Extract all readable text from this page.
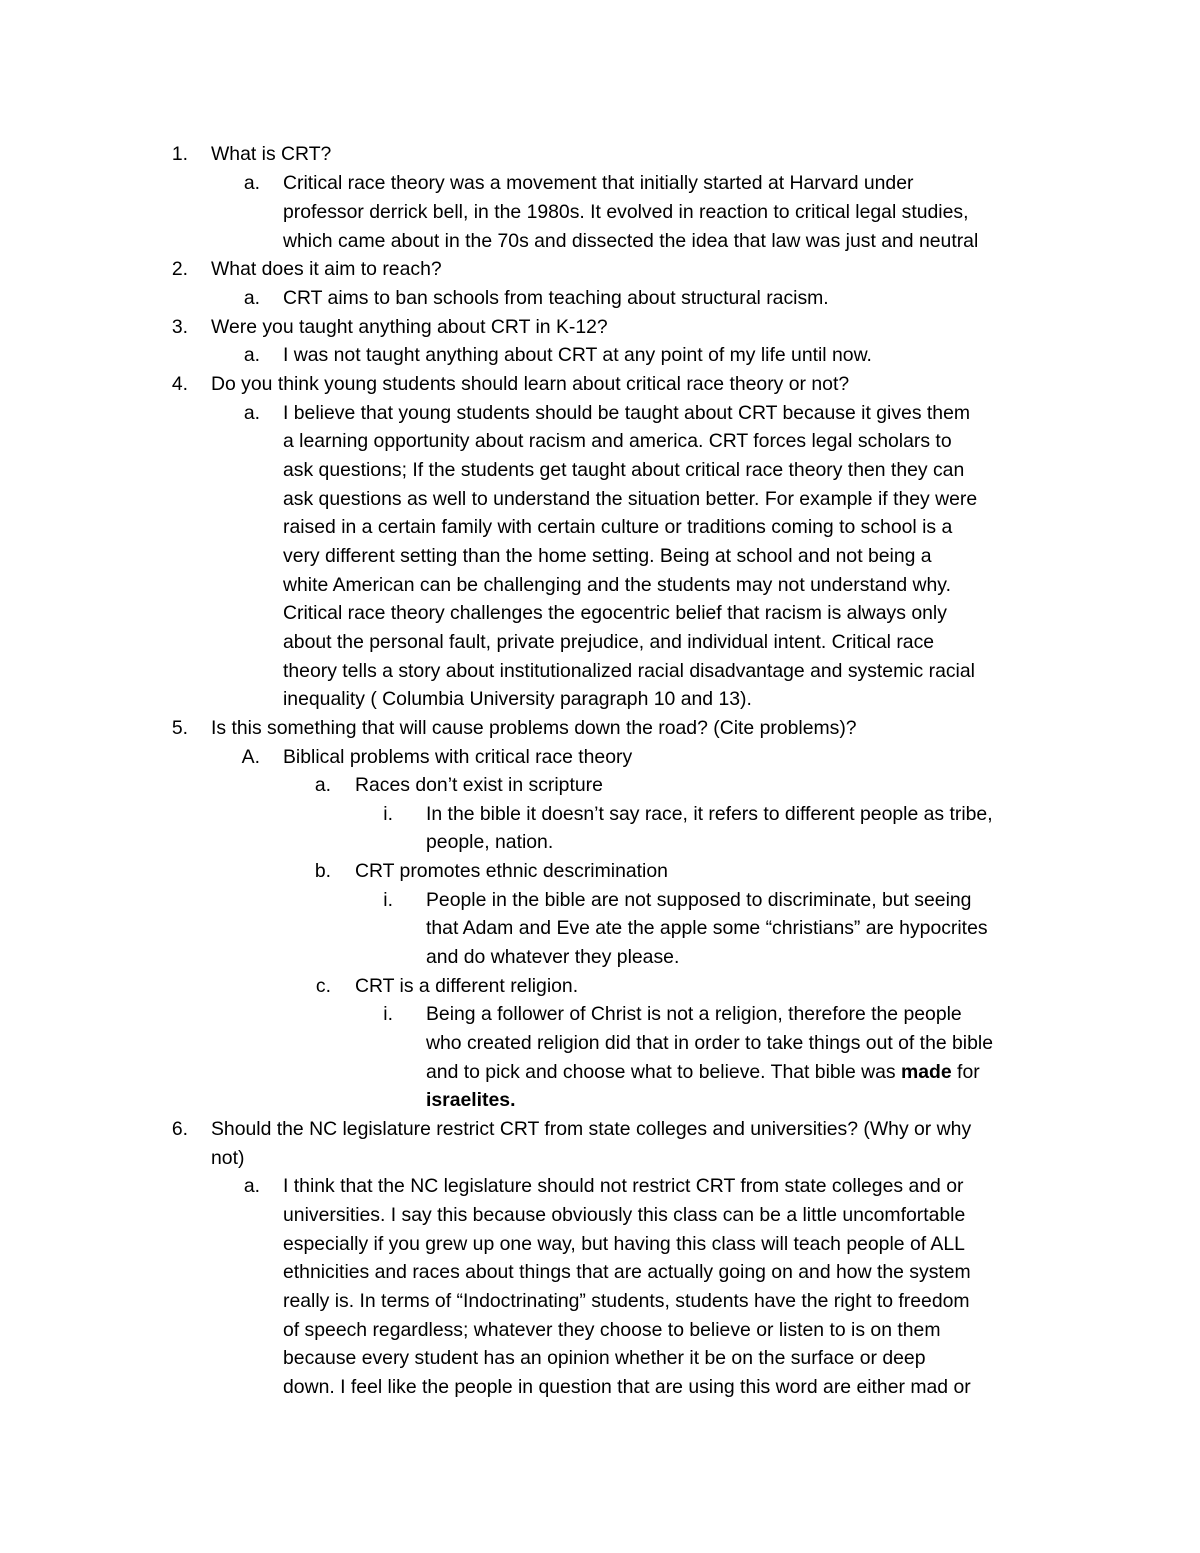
1. What is CRT?

a. Critical race theory was a movement that initially started at Harvard under

professor derrick bell, in the 1980s. It evolved in reaction to critical legal studies,

which came about in the 70s and dissected the idea that law was just and neutral

2. What does it aim to reach?

a. CRT aims to ban schools from teaching about structural racism.

3. Were you taught anything about CRT in K-12?

a. I was not taught anything about CRT at any point of my life until now.

4. Do you think young students should learn about critical race theory or not?

a. I believe that young students should be taught about CRT because it gives them

a learning opportunity about racism and america. CRT forces legal scholars to

ask questions; If the students get taught about critical race theory then they can

ask questions as well to understand the situation better. For example if they were

raised in a certain family with certain culture or traditions coming to school is a

very different setting than the home setting. Being at school and not being a

white American can be challenging and the students may not understand why.

Critical race theory challenges the egocentric belief that racism is always only

about the personal fault, private prejudice, and individual intent. Critical race

theory tells a story about institutionalized racial disadvantage and systemic racial

inequality ( Columbia University paragraph 10 and 13).

5. Is this something that will cause problems down the road? (Cite problems)?

A. Biblical problems with critical race theory

a. Races don’t exist in scripture

i. In the bible it doesn’t say race, it refers to different people as tribe,

people, nation.

b. CRT promotes ethnic descrimination

i. People in the bible are not supposed to discriminate, but seeing

that Adam and Eve ate the apple some “christians” are hypocrites

and do whatever they please.

c. CRT is a different religion.

i. Being a follower of Christ is not a religion, therefore the people

who created religion did that in order to take things out of the bible

and to pick and choose what to believe. That bible was made for

israelites.

6. Should the NC legislature restrict CRT from state colleges and universities? (Why or why

not)

a. I think that the NC legislature should not restrict CRT from state colleges and or

universities. I say this because obviously this class can be a little uncomfortable

especially if you grew up one way, but having this class will teach people of ALL

ethnicities and races about things that are actually going on and how the system

really is. In terms of “Indoctrinating” students, students have the right to freedom

of speech regardless; whatever they choose to believe or listen to is on them

because every student has an opinion whether it be on the surface or deep

down. I feel like the people in question that are using this word are either mad or
